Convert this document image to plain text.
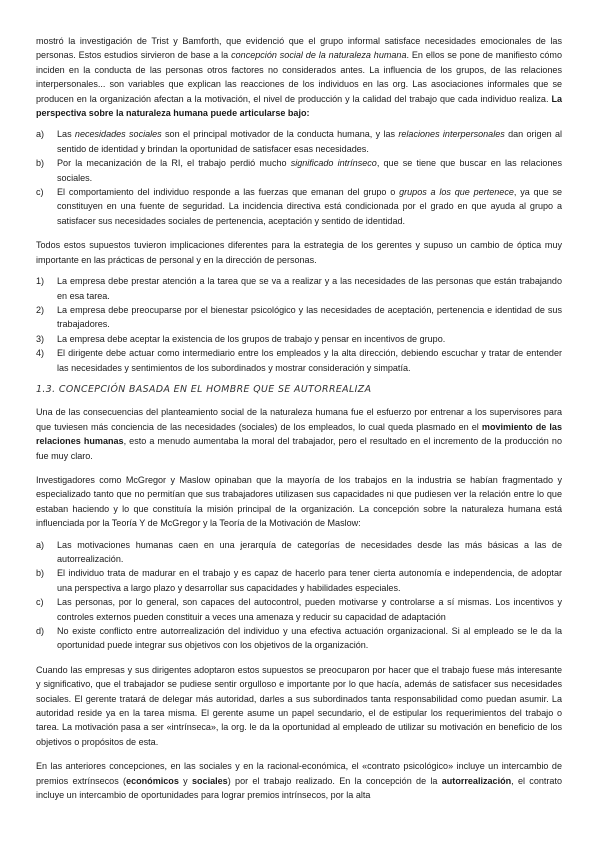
mostró la investigación de Trist y Bamforth, que evidenció que el grupo informal satisface necesidades emocionales de las personas. Estos estudios sirvieron de base a la concepción social de la naturaleza humana. En ellos se pone de manifiesto cómo inciden en la conducta de las personas otros factores no considerados antes. La influencia de los grupos, de las relaciones interpersonales... son variables que explican las reacciones de los individuos en las org. Las asociaciones informales que se producen en la organización afectan a la motivación, el nivel de producción y la calidad del trabajo que cada individuo realiza. La perspectiva sobre la naturaleza humana puede articularse bajo:

a) Las necesidades sociales son el principal motivador de la conducta humana, y las relaciones interpersonales dan origen al sentido de identidad y brindan la oportunidad de satisfacer esas necesidades.
b) Por la mecanización de la RI, el trabajo perdió mucho significado intrínseco, que se tiene que buscar en las relaciones sociales.
c) El comportamiento del individuo responde a las fuerzas que emanan del grupo o grupos a los que pertenece, ya que se constituyen en una fuente de seguridad. La incidencia directiva está condicionada por el grado en que ayuda al grupo a satisfacer sus necesidades sociales de pertenencia, aceptación y sentido de identidad.

Todos estos supuestos tuvieron implicaciones diferentes para la estrategia de los gerentes y supuso un cambio de óptica muy importante en las prácticas de personal y en la dirección de personas.

1) La empresa debe prestar atención a la tarea que se va a realizar y a las necesidades de las personas que están trabajando en esa tarea.
2) La empresa debe preocuparse por el bienestar psicológico y las necesidades de aceptación, pertenencia e identidad de sus trabajadores.
3) La empresa debe aceptar la existencia de los grupos de trabajo y pensar en incentivos de grupo.
4) El dirigente debe actuar como intermediario entre los empleados y la alta dirección, debiendo escuchar y tratar de entender las necesidades y sentimientos de los subordinados y mostrar consideración y simpatía.
1.3. CONCEPCIÓN BASADA EN EL HOMBRE QUE SE AUTORREALIZA

Una de las consecuencias del planteamiento social de la naturaleza humana fue el esfuerzo por entrenar a los supervisores para que tuviesen más conciencia de las necesidades (sociales) de los empleados, lo cual queda plasmado en el movimiento de las relaciones humanas, esto a menudo aumentaba la moral del trabajador, pero el resultado en el incremento de la producción no fue muy claro.

Investigadores como McGregor y Maslow opinaban que la mayoría de los trabajos en la industria se habían fragmentado y especializado tanto que no permitían que sus trabajadores utilizasen sus capacidades ni que pudiesen ver la relación entre lo que estaban haciendo y lo que constituía la misión principal de la organización. La concepción sobre la naturaleza humana está influenciada por la Teoría Y de McGregor y la Teoría de la Motivación de Maslow:

a) Las motivaciones humanas caen en una jerarquía de categorías de necesidades desde las más básicas a las de autorrealización.
b) El individuo trata de madurar en el trabajo y es capaz de hacerlo para tener cierta autonomía e independencia, de adoptar una perspectiva a largo plazo y desarrollar sus capacidades y habilidades especiales.
c) Las personas, por lo general, son capaces del autocontrol, pueden motivarse y controlarse a sí mismas. Los incentivos y controles externos pueden constituir a veces una amenaza y reducir su capacidad de adaptación
d) No existe conflicto entre autorrealización del individuo y una efectiva actuación organizacional. Si al empleado se le da la oportunidad puede integrar sus objetivos con los objetivos de la organización.

Cuando las empresas y sus dirigentes adoptaron estos supuestos se preocuparon por hacer que el trabajo fuese más interesante y significativo, que el trabajador se pudiese sentir orgulloso e importante por lo que hacía, además de satisfacer sus necesidades sociales. El gerente tratará de delegar más autoridad, darles a sus subordinados tanta responsabilidad como puedan asumir. La autoridad reside ya en la tarea misma. El gerente asume un papel secundario, el de estipular los requerimientos del trabajo o tarea. La motivación pasa a ser «intrínseca», la org. le da la oportunidad al empleado de utilizar su motivación en beneficio de los objetivos o propósitos de esta.

En las anteriores concepciones, en las sociales y en la racional-económica, el «contrato psicológico» incluye un intercambio de premios extrínsecos (económicos y sociales) por el trabajo realizado. En la concepción de la autorrealización, el contrato incluye un intercambio de oportunidades para lograr premios intrínsecos, por la alta
